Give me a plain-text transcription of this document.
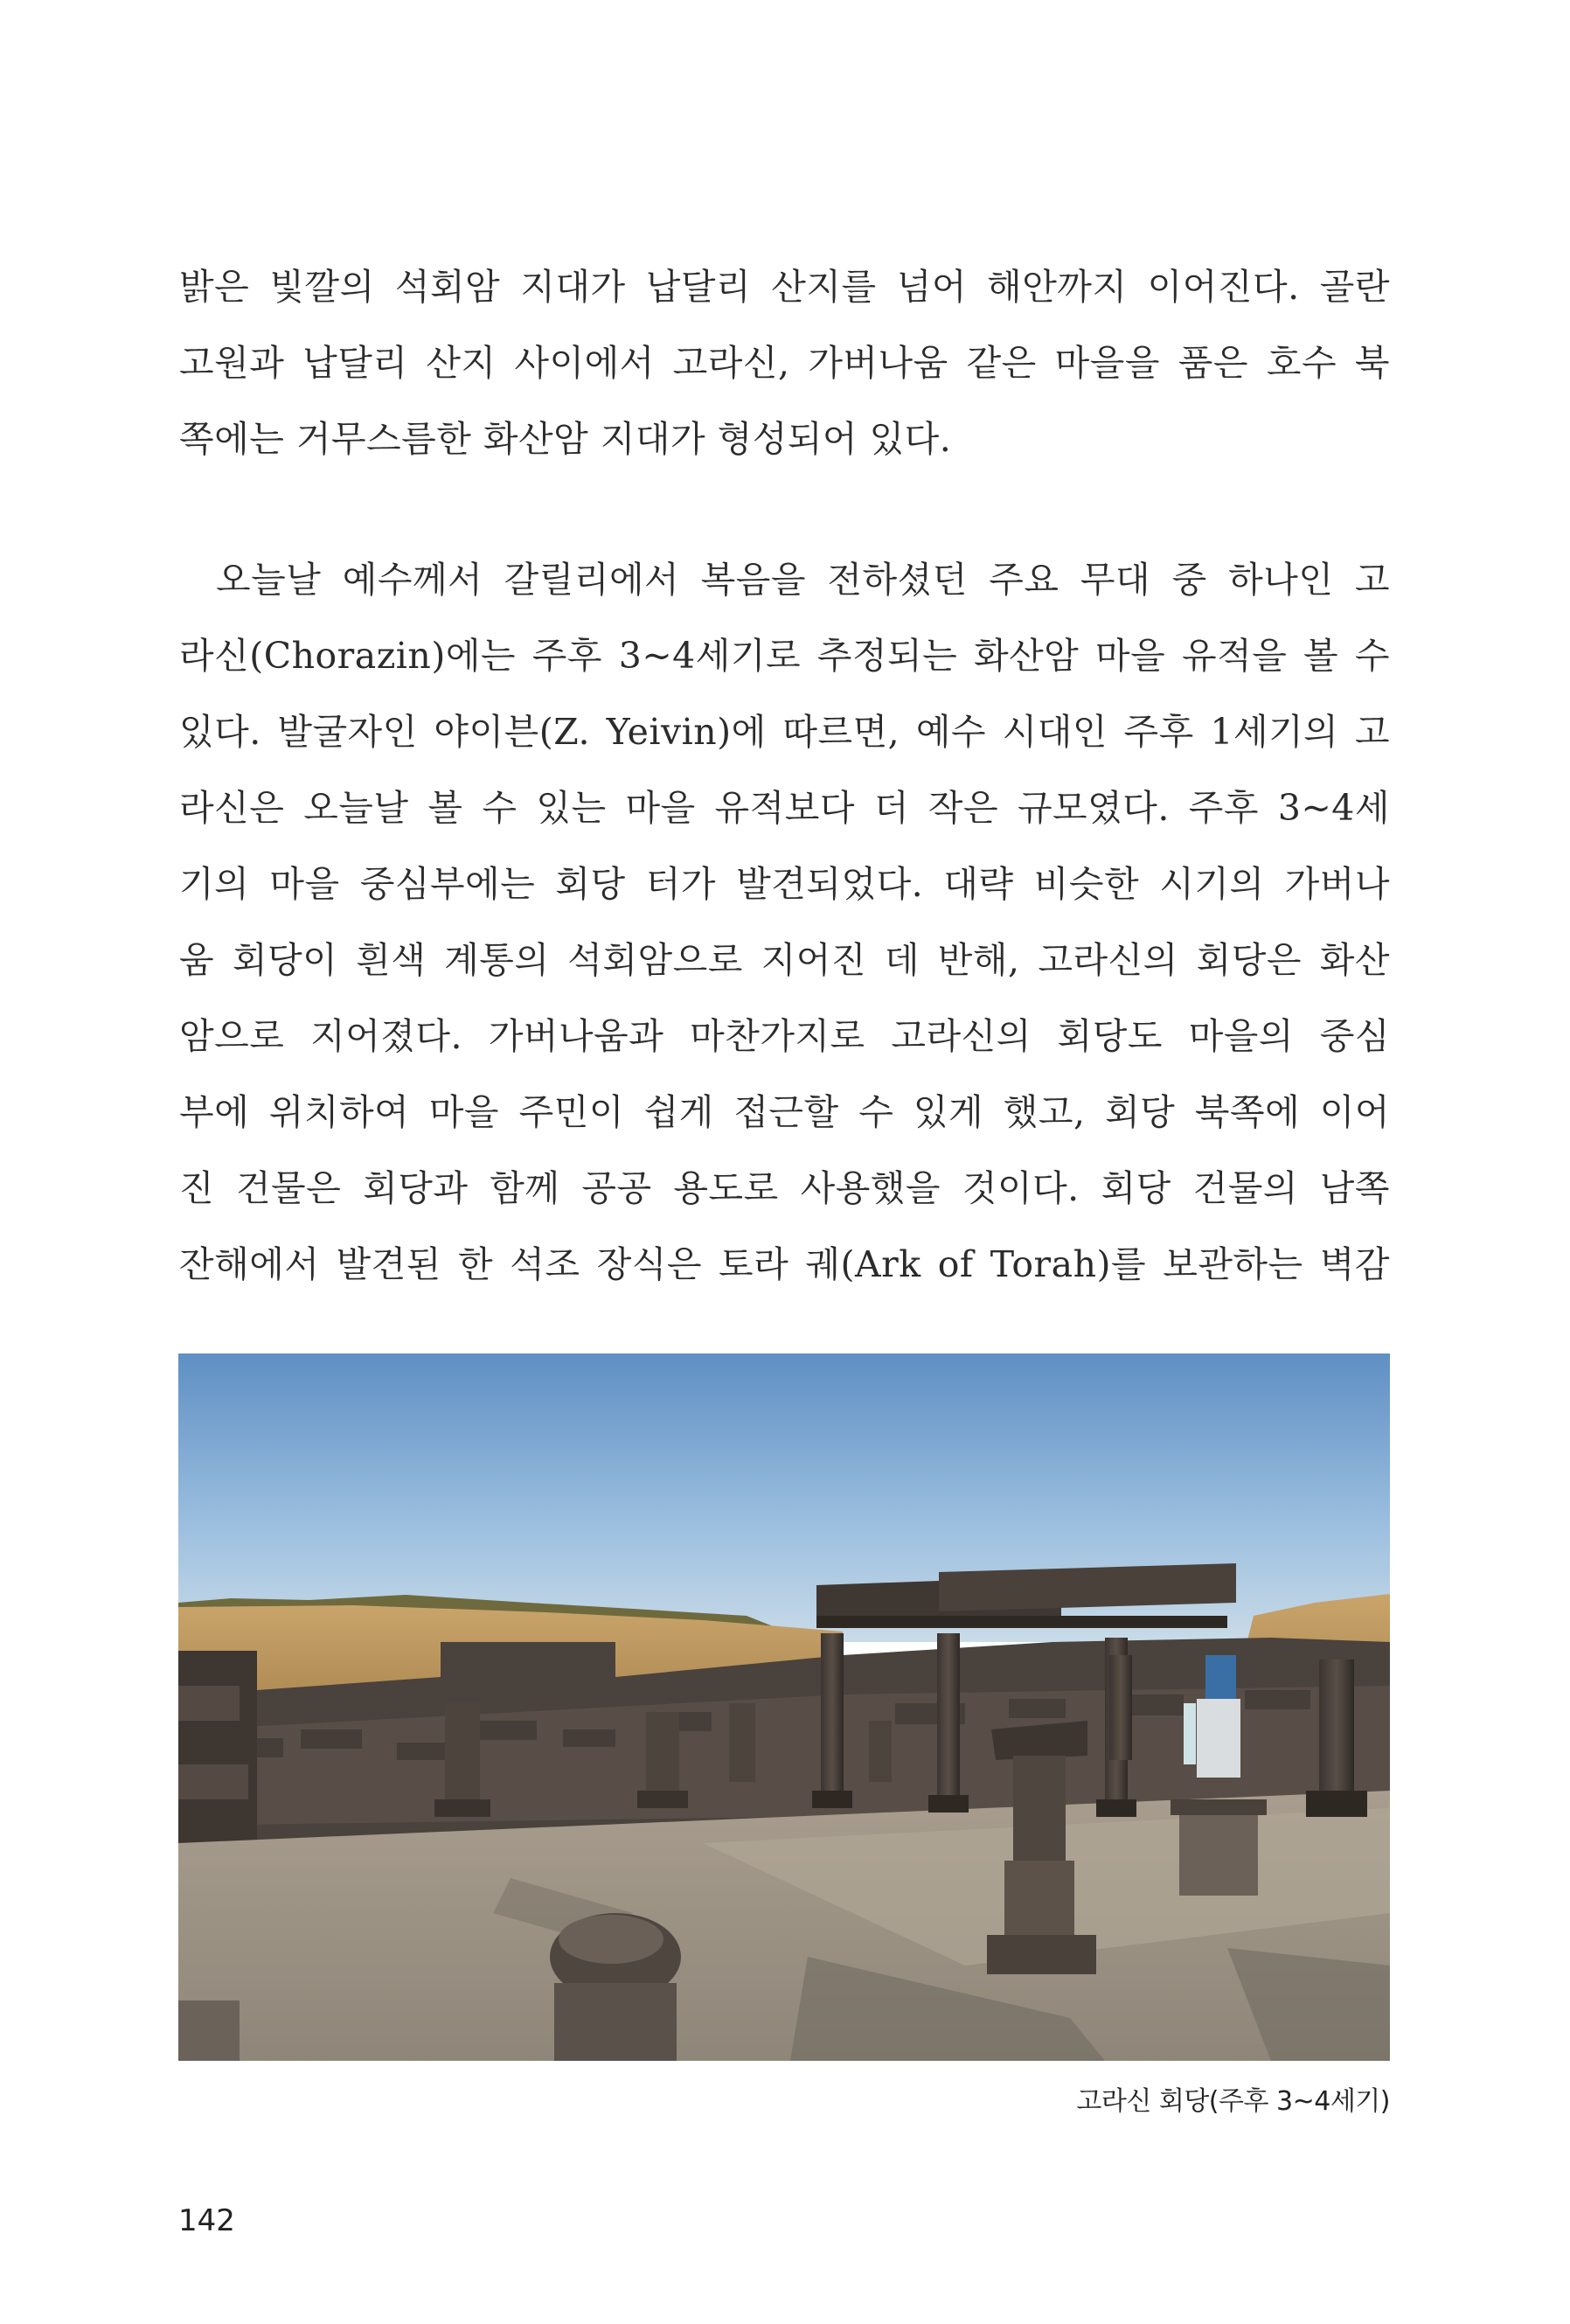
밝은 빛깔의 석회암 지대가 납달리 산지를 넘어 해안까지 이어진다. 골란
고원과 납달리 산지 사이에서 고라신, 가버나움 같은 마을을 품은 호수 북
쪽에는 거무스름한 화산암 지대가 형성되어 있다.
오늘날 예수께서 갈릴리에서 복음을 전하셨던 주요 무대 중 하나인 고
라신(Chorazin)에는 주후 3~4세기로 추정되는 화산암 마을 유적을 볼 수
있다. 발굴자인 야이븐(Z. Yeivin)에 따르면, 예수 시대인 주후 1세기의 고
라신은 오늘날 볼 수 있는 마을 유적보다 더 작은 규모였다. 주후 3~4세
기의 마을 중심부에는 회당 터가 발견되었다. 대략 비슷한 시기의 가버나
움 회당이 흰색 계통의 석회암으로 지어진 데 반해, 고라신의 회당은 화산
암으로 지어졌다. 가버나움과 마찬가지로 고라신의 회당도 마을의 중심
부에 위치하여 마을 주민이 쉽게 접근할 수 있게 했고, 회당 북쪽에 이어
진 건물은 회당과 함께 공공 용도로 사용했을 것이다. 회당 건물의 남쪽
잔해에서 발견된 한 석조 장식은 토라 궤(Ark of Torah)를 보관하는 벽감
고라신 회당(주후 3~4세기)
142
